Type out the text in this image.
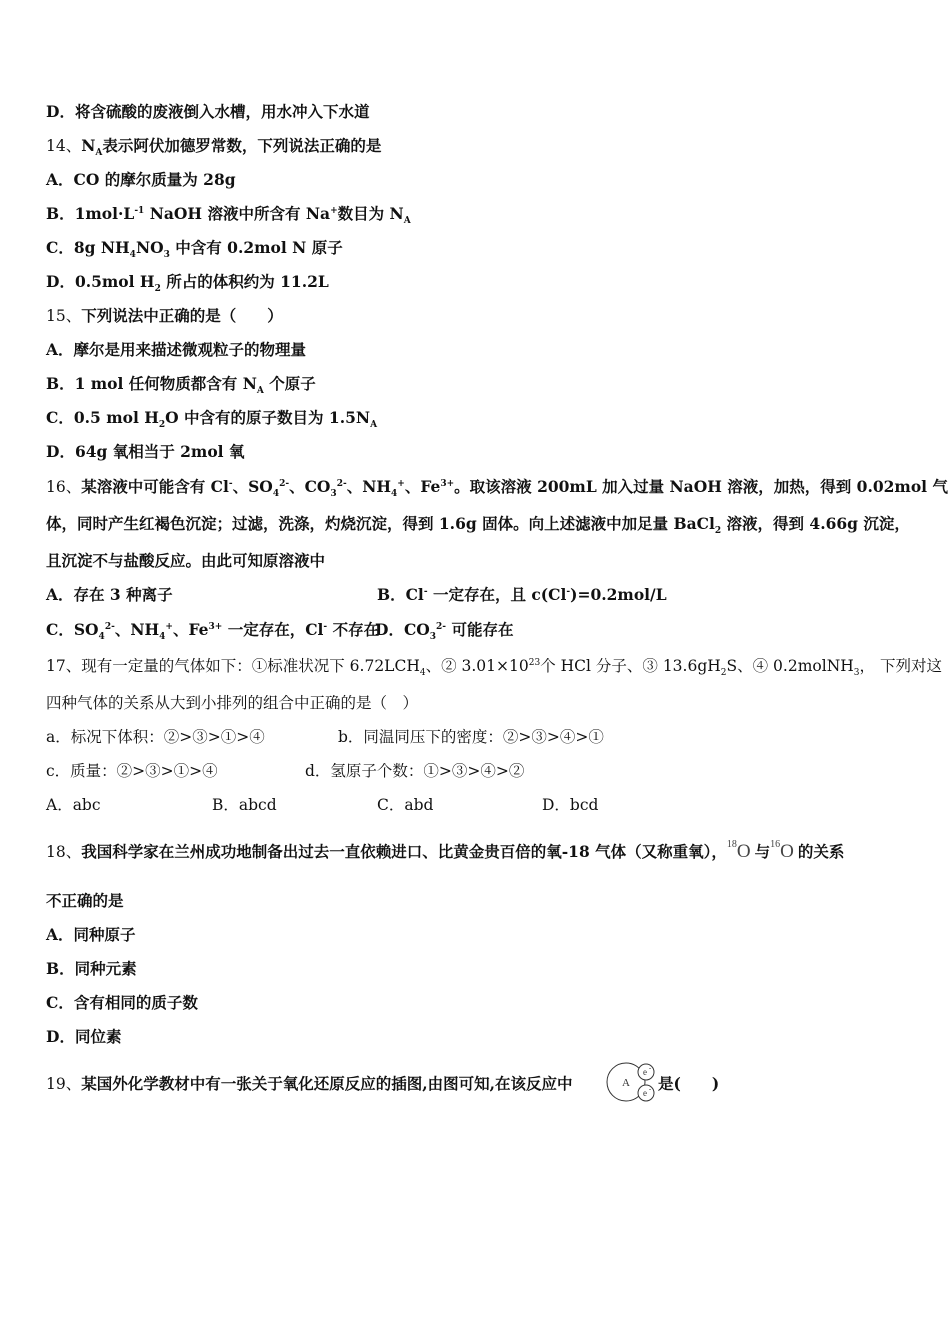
D．将含硫酸的废液倒入水槽，用水冲入下水道
14、$N_A$表示阿伏加德罗常数，下列说法正确的是
A．CO 的摩尔质量为 28g
B．$1mol\cdot L^{-1}$ NaOH 溶液中所含有 Na+数目为 $N_A$
C．8g $NH_4NO_3$ 中含有 0.2mol N 原子
D．0.5mol $H_2$ 所占的体积约为 11.2L
15、下列说法中正确的是（　　）
A．摩尔是用来描述微观粒子的物理量
B．1 mol 任何物质都含有 $N_A$ 个原子
C．0.5 mol $H_2O$ 中含有的原子数目为 $1.5N_A$
D．64g 氧相当于 2mol 氧
16、某溶液中可能含有 Cl-、$SO_4^{2-}$、$CO_3^{2-}$、$NH_4^+$、$Fe^{3+}$。取该溶液 200mL 加入过量 NaOH 溶液，加热，得到 0.02mol 气
体，同时产生红褐色沉淀；过滤，洗涤，灼烧沉淀，得到 1.6g 固体。向上述滤液中加足量 BaCl$_2$ 溶液，得到 4.66g 沉淀，
且沉淀不与盐酸反应。由此可知原溶液中
A．存在 3 种离子	B．Cl- 一定存在，且 c(Cl-)=0.2mol/L
C．$SO_4^{2-}$、$NH_4^+$、$Fe^{3+}$ 一定存在，Cl- 不存在
D．$CO_3^{2-}$ 可能存在
17、现有一定量的气体如下：①标准状况下 $6.72LCH_4$、② $3.01\times 10^{23}$个 HCl 分子、③ $13.6gH_2S$、④ 0.2molNH$_3$， 下列对这
四种气体的关系从大到小排列的组合中正确的是（　）
a．标况下体积：②>③>①>④	b．同温同压下的密度：②>③>④>①
c．质量：②>③>①>④	d．氢原子个数：①>③>④>②
A．abc	B．abcd	C．abd	D．bcd
18、我国科学家在兰州成功地制备出过去一直依赖进口、比黄金贵百倍的氧-18 气体（又称重氧）， 18 O 与 16 O 的关系
不正确的是
A．同种原子
B．同种元素
C．含有相同的质子数
D．同位素
19、某国外化学教材中有一张关于氧化还原反应的插图,由图可知,在该反应中	A
e -
e - 是(　　)
